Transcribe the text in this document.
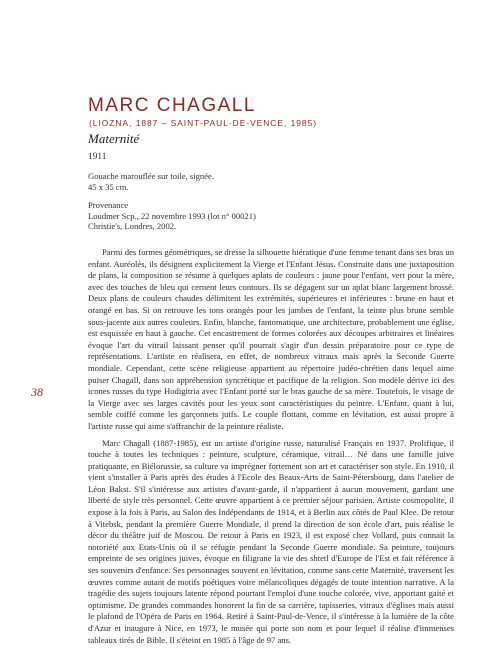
MARC CHAGALL
(LIOZNA, 1887 – SAINT-PAUL-DE-VENCE, 1985)
Maternité
1911
Gouache marouflée sur toile, signée.
45 x 35 cm.
Provenance
Loudmer Scp., 22 novembre 1993 (lot n° 00021)
Christie's, Londres, 2002.
38

Parmi des formes géométriques, se dresse la silhouette hiératique d'une femme tenant dans ses bras un enfant. Auréolés, ils désignent explicitement la Vierge et l'Enfant Jésus. Construite dans une juxtaposition de plans, la composition se résume à quelques aplats de couleurs : jaune pour l'enfant, vert pour la mère, avec des touches de bleu qui cernent leurs contours. Ils se dégagent sur un aplat blanc largement brossé. Deux plans de couleurs chaudes délimitent les extrémités, supérieures et inférieures : brune en haut et orangé en bas. Si on retrouve les tons orangés pour les jambes de l'enfant, la teinte plus brune semble sous-jacente aux autres couleurs. Enfin, blanche, fantomatique, une architecture, probablement une église, est esquissée en haut à gauche. Cet encastrement de formes colorées aux découpes arbitraires et linéaires évoque l'art du vitrail laissant penser qu'il pourrait s'agir d'un dessin préparatoire pour ce type de représentations. L'artiste en réalisera, en effet, de nombreux vitraux mais après la Seconde Guerre mondiale. Cependant, cette scène religieuse appartient au répertoire judéo-chrétien dans lequel aime puiser Chagall, dans son appréhension syncrétique et pacifique de la religion. Son modèle dérive ici des icones russes du type Hodigitria avec l'Enfant porté sur le bras gauche de sa mère. Toutefois, le visage de la Vierge avec ses larges cavités pour les yeux sont caractéristiques du peintre. L'Enfant, quant à lui, semble coiffé comme les garçonnets juifs. Le couple flottant, comme en lévitation, est aussi propre à l'artiste russe qui aime s'affranchir de la peinture réaliste.

Marc Chagall (1887-1985), est un artiste d'origine russe, naturalisé Français en 1937. Prolifique, il touche à toutes les techniques : peinture, sculpture, céramique, vitrail… Né dans une famille juive pratiquante, en Biélorussie, sa culture va imprégner fortement son art et caractériser son style. En 1910, il vient s'installer à Paris après des études à l'Ecole des Beaux-Arts de Saint-Pétersbourg, dans l'atelier de Léon Bakst. S'il s'intéresse aux artistes d'avant-garde, il n'appartient à aucun mouvement, gardant une liberté de style très personnel. Cette œuvre appartient à ce premier séjour parisien. Artiste cosmopolite, il expose à la fois à Paris, au Salon des Indépendants de 1914, et à Berlin aux côtés de Paul Klee. De retour à Vitebsk, pendant la première Guerre Mondiale, il prend la direction de son école d'art, puis réalise le décor du théâtre juif de Moscou. De retour à Paris en 1923, il est exposé chez Vollard, puis connait la notoriété aux Etats-Unis où il se réfugie pendant la Seconde Guerre mondiale. Sa peinture, toujours empreinte de ses origines juives, évoque en filigrane la vie des shtetl d'Europe de l'Est et fait référence à ses souvenirs d'enfance. Ses personnages souvent en lévitation, comme sans cette Maternité, traversent les œuvres comme autant de motifs poétiques voire mélancoliques dégagés de toute intention narrative. A la tragédie des sujets toujours latente répond pourtant l'emploi d'une touche colorée, vive, apportant gaité et optimisme. De grandes commandes honorent la fin de sa carrière, tapisseries, vitraux d'églises mais aussi le plafond de l'Opéra de Paris en 1964. Retiré à Saint-Paul-de-Vence, il s'intéresse à la lumière de la côte d'Azur et inaugure à Nice, en 1973, le musée qui porte son nom et pour lequel il réalise d'immenses tableaux tirés de Bible. Il s'éteint en 1985 à l'âge de 97 ans.
